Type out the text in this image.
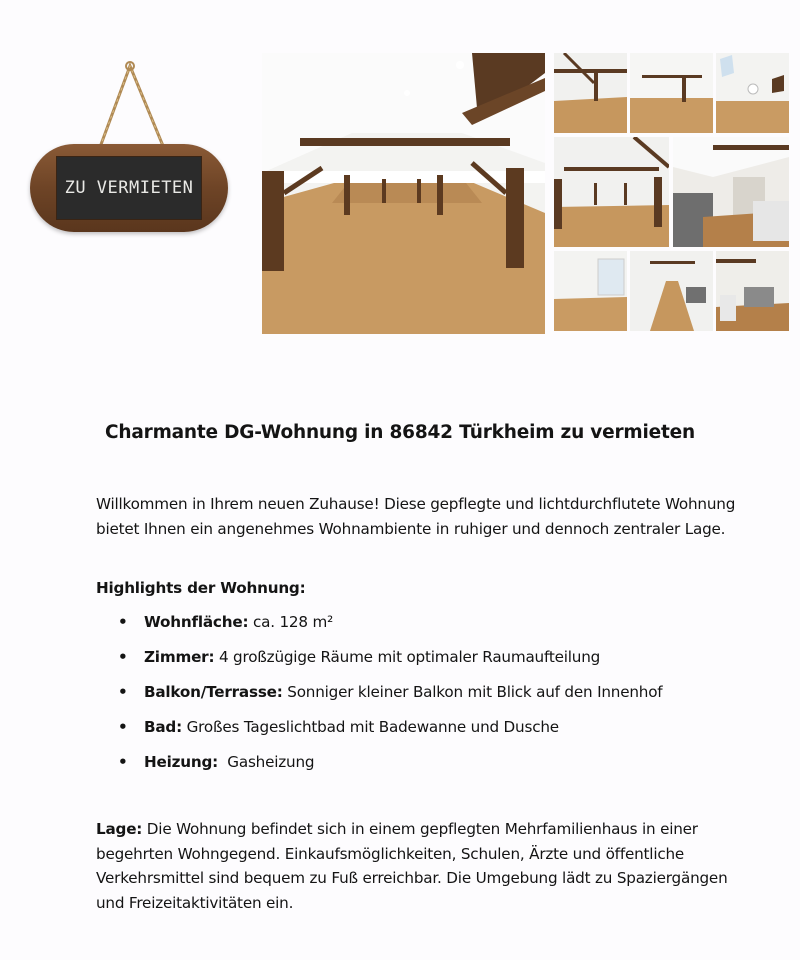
ZU VERMIETEN
Charmante DG-Wohnung in 86842 Türkheim zu vermieten

Willkommen in Ihrem neuen Zuhause! Diese gepflegte und lichtdurchflutete Wohnung bietet Ihnen ein angenehmes Wohnambiente in ruhiger und dennoch zentraler Lage.

Highlights der Wohnung:

• Wohnfläche: ca. 128 m²
• Zimmer: 4 großzügige Räume mit optimaler Raumaufteilung
• Balkon/Terrasse: Sonniger kleiner Balkon mit Blick auf den Innenhof
• Bad: Großes Tageslichtbad mit Badewanne und Dusche
• Heizung:  Gasheizung

Lage: Die Wohnung befindet sich in einem gepflegten Mehrfamilienhaus in einer begehrten Wohngegend. Einkaufsmöglichkeiten, Schulen, Ärzte und öffentliche Verkehrsmittel sind bequem zu Fuß erreichbar. Die Umgebung lädt zu Spaziergängen und Freizeitaktivitäten ein.
